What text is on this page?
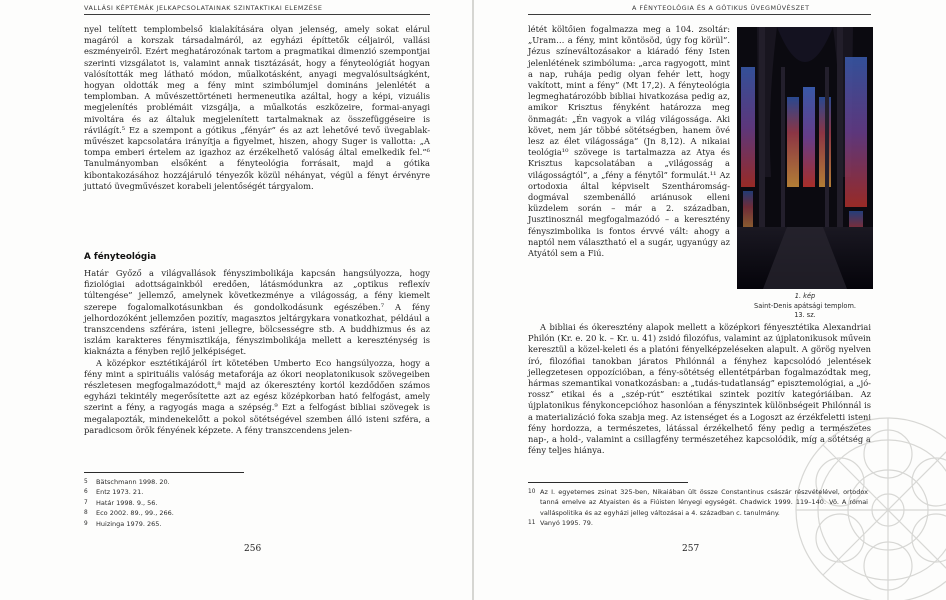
VALLÁSI KÉPTÉMÁK JELKAPCSOLATAINAK SZINTAKTIKAI ELEMZÉSE

nyel telített templombelső kialakítására olyan jelenség, amely sokat elárul magáról a korszak társadalmáról, az egyházi építtetők céljairól, vallási eszményeiről. Ezért meghatározónak tartom a pragmatikai dimenzió szempontjai szerinti vizsgálatot is, valamint annak tisztázását, hogy a fényteológiát hogyan valósították meg látható módon, műalkotásként, anyagi megvalósultságként, hogyan oldották meg a fény mint szimbólumjel domináns jelenlétét a templomban. A művészettörténeti hermeneutika azáltal, hogy a képi, vizuális megjelenítés problémáit vizsgálja, a műalkotás eszközeire, formai-anyagi mivoltára és az általuk megjelenített tartalmaknak az összefüggéseire is rávilágít.⁵ Ez a szempont a gótikus „fényár” és az azt lehetővé tevő üvegablak-művészet kapcsolatára irányítja a figyelmet, hiszen, ahogy Suger is vallotta: „A tompa emberi értelem az igazhoz az érzékelhető valóság által emelkedik fel.”⁶ Tanulmányomban elsőként a fényteológia forrásait, majd a gótika kibontakozásához hozzájáruló tényezők közül néhányat, végül a fényt érvényre juttató üvegművészet korabeli jelentőségét tárgyalom.

A fényteológia

Határ Győző a világvallások fényszimbolikája kapcsán hangsúlyozza, hogy fiziológiai adottságainkból eredően, látásmódunkra az „optikus reflexív túltengése” jellemző, amelynek következménye a világosság, a fény kiemelt szerepe fogalomalkotásunkban és gondolkodásunk egészében.⁷ A fény jelhordozóként jellemzően pozitív, magasztos jeltárgykara vonatkozhat, például a transzcendens szférára, isteni jellegre, bölcsességre stb. A buddhizmus és az iszlám karakteres fénymisztikája, fényszimbolikája mellett a kereszténység is kiaknázta a fényben rejlő jelképiséget.

A középkor esztétikájáról írt kötetében Umberto Eco hangsúlyozza, hogy a fény mint a spirituális valóság metaforája az ókori neoplatonikusok szövegeiben részletesen megfogalmazódott,⁸ majd az ókeresztény kortól kezdődően számos egyházi tekintély megerősítette azt az egész középkorban ható felfogást, amely szerint a fény, a ragyogás maga a szépség.⁹ Ezt a felfogást bibliai szövegek is megalapozták, mindenekelőtt a pokol sötétségével szemben álló isteni szféra, a paradicsom örök fényének képzete. A fény transzcendens jelen-

5	Bätschmann 1998. 20.
6	Entz 1973. 21.
7	Határ 1998. 9., 56.
8	Eco 2002. 89., 99., 266.
9	Huizinga 1979. 265.
256
A FÉNYTEOLÓGIA ÉS A GÓTIKUS ÜVEGMŰVÉSZET

létét költőien fogalmazza meg a 104. zsoltár: „Uram… a fény, mint köntösöd, úgy fog körül”. Jézus színeváltozásakor a kiáradó fény Isten jelenlétének szimbóluma: „arca ragyogott, mint a nap, ruhája pedig olyan fehér lett, hogy vakított, mint a fény” (Mt 17,2). A fényteológia legmeghatározóbb bibliai hivatkozása pedig az, amikor Krisztus fényként határozza meg önmagát: „Én vagyok a világ világossága. Aki követ, nem jár többé sötétségben, hanem övé lesz az élet világossága” (Jn 8,12). A nikaiai teológia¹⁰ szövege is tartalmazza az Atya és Krisztus kapcsolatában a „világosság a világosságtól”, a „fény a fénytől” formulát.¹¹ Az ortodoxia által képviselt Szentháromság-dogmával szembenálló ariánusok elleni küzdelem során – már a 2. században, Jusztinosznál megfogalmazódó – a keresztény fényszimbolika is fontos érvvé vált: ahogy a naptól nem választható el a sugár, ugyanúgy az Atyától sem a Fiú.

1. kép
Saint-Denis apátsági templom.
13. sz.

A bibliai és ókeresztény alapok mellett a középkori fényesztétika Alexandriai Philón (Kr. e. 20 k. – Kr. u. 41) zsidó filozófus, valamint az újplatonikusok művein keresztül a közel-keleti és a platóni fényelképzeléseken alapult. A görög nyelven író, filozófiai tanokban járatos Philónnál a fényhez kapcsolódó jelentések jellegzetesen oppozícióban, a fény-sötétség ellentétpárban fogalmazódtak meg, hármas szemantikai vonatkozásban: a „tudás-tudatlanság” episztemológiai, a „jó-rossz” etikai és a „szép-rút” esztétikai szintek pozitív kategóriáiban. Az újplatonikus fénykoncepcióhoz hasonlóan a fényszintek különbségeit Philónnál is a materializáció foka szabja meg. Az istenséget és a Logoszt az érzékfeletti isteni fény hordozza, a természetes, látással érzékelhető fény pedig a természetes nap-, a hold-, valamint a csillagfény természetéhez kapcsolódik, míg a sötétség a fény teljes hiánya.

10 Az I. egyetemes zsinat 325-ben, Nikaiában ült össze Constantinus császár részvételével, ortodox tanná emelve az Atyaisten és a Fiúisten lényegi egységét. Chadwick 1999. 119–140. Vö. A római valláspolitika és az egyházi jelleg változásai a 4. században c. tanulmány.
11 Vanyó 1995. 79.
257
